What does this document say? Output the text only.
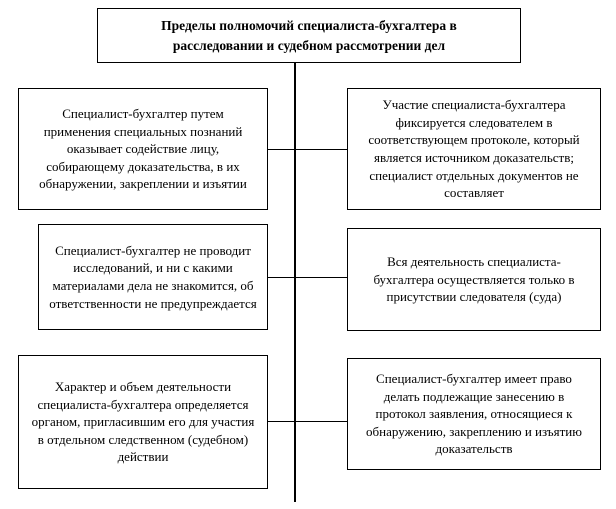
Пределы полномочий специалиста-бухгалтера в расследовании и судебном рассмотрении дел
Специалист-бухгалтер путем применения специальных познаний оказывает содействие лицу, собирающему доказательства, в их обнаружении, закреплении и изъятии
Участие специалиста-бухгалтера фиксируется следователем в соответствующем протоколе, который является источником доказательств; специалист отдельных документов не составляет
Специалист-бухгалтер не проводит исследований, и ни с какими материалами дела не знакомится, об ответственности не предупреждается
Вся деятельность специалиста-бухгалтера осуществляется только в присутствии следователя (суда)
Характер и объем деятельности специалиста-бухгалтера определяется органом, пригласившим его для участия в отдельном следственном (судебном) действии
Специалист-бухгалтер имеет право делать подлежащие занесению в протокол заявления, относящиеся к обнаружению, закреплению и изъятию доказательств
